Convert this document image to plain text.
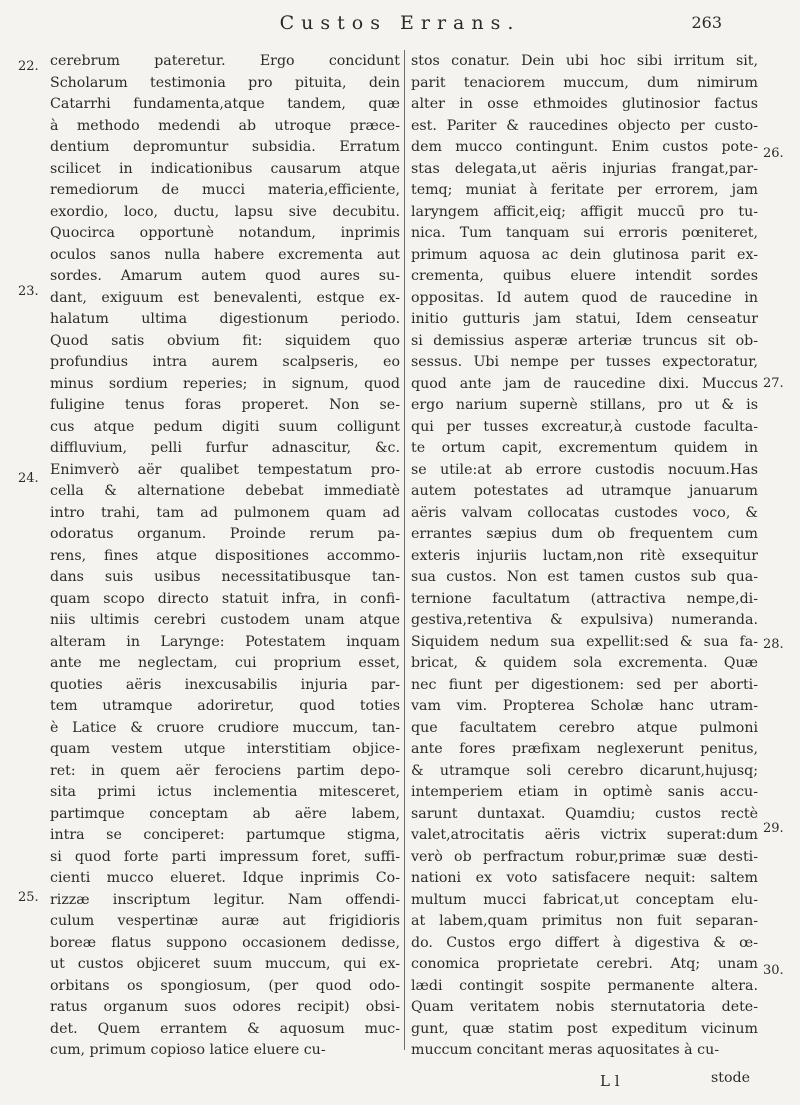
Custos Errans.	263
cerebrum pateretur. Ergo concidunt
Scholarum testimonia pro pituita, dein
Catarrhi fundamenta,atque tandem, quæ
à methodo medendi ab utroque præce-
dentium depromuntur subsidia. Erratum
scilicet in indicationibus causarum atque
remediorum de mucci materia,efficiente,
exordio, loco, ductu, lapsu sive decubitu.
Quocirca opportunè notandum, inprimis
oculos sanos nulla habere excrementa aut
sordes. Amarum autem quod aures su-
dant, exiguum est benevalenti, estque ex-
halatum ultima digestionum periodo.
Quod satis obvium fit: siquidem quo
profundius intra aurem scalpseris, eo
minus sordium reperies; in signum, quod
fuligine tenus foras properet. Non se-
cus atque pedum digiti suum colligunt
diffluvium, pelli furfur adnascitur, &c.
Enimverò aër qualibet tempestatum pro-
cella & alternatione debebat immediatè
intro trahi, tam ad pulmonem quam ad
odoratus organum. Proinde rerum pa-
rens, fines atque dispositiones accommo-
dans suis usibus necessitatibusque tan-
quam scopo directo statuit infra, in confi-
niis ultimis cerebri custodem unam atque
alteram in Larynge: Potestatem inquam
ante me neglectam, cui proprium esset,
quoties aëris inexcusabilis injuria par-
tem utramque adoriretur, quod toties
è Latice & cruore crudiore muccum, tan-
quam vestem utque interstitiam objice-
ret: in quem aër ferociens partim depo-
sita primi ictus inclementia mitesceret,
partimque conceptam ab aëre labem,
intra se conciperet: partumque stigma,
si quod forte parti impressum foret, suffi-
cienti mucco elueret. Idque inprimis Co-
rizzæ inscriptum legitur. Nam offendi-
culum vespertinæ auræ aut frigidioris
boreæ flatus suppono occasionem dedisse,
ut custos objiceret suum muccum, qui ex-
orbitans os spongiosum, (per quod odo-
ratus organum suos odores recipit) obsi-
det. Quem errantem & aquosum muc-
cum, primum copioso latice eluere cu-
stos conatur. Dein ubi hoc sibi irritum sit,
parit tenaciorem muccum, dum nimirum
alter in osse ethmoides glutinosior factus
est. Pariter & raucedines objecto per custo-
dem mucco contingunt. Enim custos pote-
stas delegata,ut aëris injurias frangat,par-
temq; muniat à feritate per errorem, jam
laryngem afficit,eiq; affigit muccū pro tu-
nica. Tum tanquam sui erroris pœniteret,
primum aquosa ac dein glutinosa parit ex-
crementa, quibus eluere intendit sordes
oppositas. Id autem quod de raucedine in
initio gutturis jam statui, Idem censeatur
si demissius asperæ arteriæ truncus sit ob-
sessus. Ubi nempe per tusses expectoratur,
quod ante jam de raucedine dixi. Muccus
ergo narium supernè stillans, pro ut & is
qui per tusses excreatur,à custode faculta-
te ortum capit, excrementum quidem in
se utile:at ab errore custodis nocuum.Has
autem potestates ad utramque januarum
aëris valvam collocatas custodes voco, &
errantes sæpius dum ob frequentem cum
exteris injuriis luctam,non ritè exsequitur
sua custos. Non est tamen custos sub qua-
ternione facultatum (attractiva nempe,di-
gestiva,retentiva & expulsiva) numeranda.
Siquidem nedum sua expellit:sed & sua fa-
bricat, & quidem sola excrementa. Quæ
nec fiunt per digestionem: sed per aborti-
vam vim. Propterea Scholæ hanc utram-
que facultatem cerebro atque pulmoni
ante fores præfixam neglexerunt penitus,
& utramque soli cerebro dicarunt,hujusq;
intemperiem etiam in optimè sanis accu-
sarunt duntaxat. Quamdiu; custos rectè
valet,atrocitatis aëris victrix superat:dum
verò ob perfractum robur,primæ suæ desti-
nationi ex voto satisfacere nequit: saltem
multum mucci fabricat,ut conceptam elu-
at labem,quam primitus non fuit separan-
do. Custos ergo differt à digestiva & œ-
conomica proprietate cerebri. Atq; unam
lædi contingit sospite permanente altera.
Quam veritatem nobis sternutatoria dete-
gunt, quæ statim post expeditum vicinum
muccum concitant meras aquositates à cu-
22.
23.
24.
25.
26.
27.
28.
29.
30.
L l	stode
